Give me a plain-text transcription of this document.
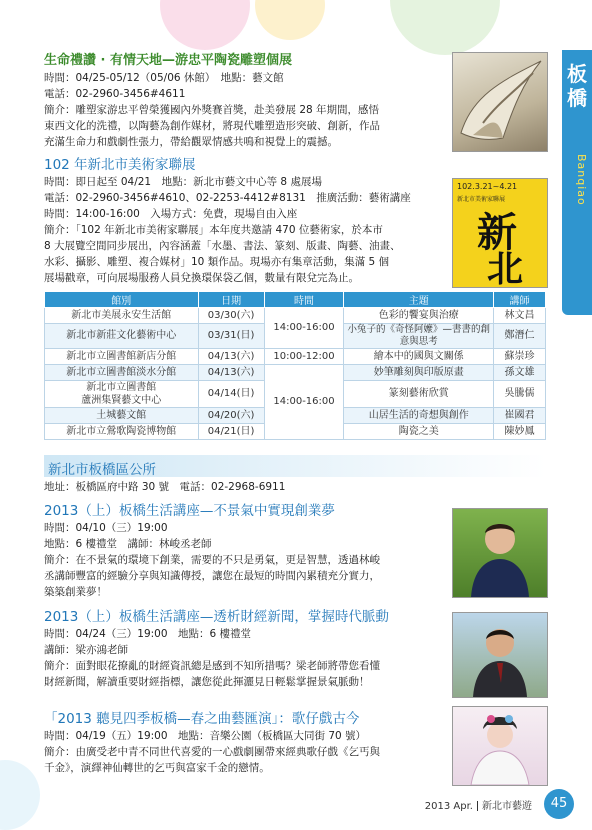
板橋
Banqiao
生命禮讚 · 有情天地—游忠平陶瓷雕塑個展
時間：04/25-05/12（05/06 休館）　地點：藝文館
電話：02-2960-3456#4611
簡介：雕塑家游忠平曾榮獲國內外獎賽首獎，赴美發展 28 年期間，感悟
東西文化的洗禮，以陶藝為創作媒材，將現代雕塑造形突破、創新，作品
充滿生命力和戲劇性張力，帶給觀眾情感共鳴和視覺上的震撼。
102 年新北市美術家聯展
時間：即日起至 04/21　地點：新北市藝文中心等 8 處展場
電話：02-2960-3456#4610、02-2253-4412#8131　推廣活動：藝術講座
時間：14:00-16:00　入場方式：免費，現場自由入座
簡介：「102 年新北市美術家聯展」本年度共邀請 470 位藝術家，於本市
8 大展覽空間同步展出，內容涵蓋「水墨、書法、篆刻、版畫、陶藝、油畫、
水彩、攝影、雕塑、複合媒材」10 類作品。現場亦有集章活動，集滿 5 個
展場戳章，可向展場服務人員兌換環保袋乙個，數量有限兌完為止。
102.3.21~4.21
新北市美術家聯展
新
北
館別	日期	時間	主題	講師
新北市美展永安生活館	03/30(六)	14:00-16:00	色彩的饗宴與治療	林文昌
新北市新莊文化藝術中心	03/31(日)		小兔子的《奇怪阿嬤》—書書的創意與思考	鄭潛仁
新北市立圖書館新店分館	04/13(六)	10:00-12:00	繪本中的國與文關係	蘇崇珍
新北市立圖書館淡水分館	04/13(六)	14:00-16:00	妙筆雕刻與印版原畫	孫文雄

新北市立圖書館
蘆洲集賢藝文中心	04/14(日)		篆刻藝術欣賞	吳騰儒
土城藝文館	04/20(六)		山居生活的奇想與創作	崔國君
新北市立鶯歌陶瓷博物館	04/21(日)		陶瓷之美	陳妙鳳
新北市板橋區公所
地址：板橋區府中路 30 號　電話：02-2968-6911
2013（上）板橋生活講座—不景氣中實現創業夢
時間：04/10（三）19:00
地點：6 樓禮堂　講師：林峻丞老師
簡介：在不景氣的環境下創業，需要的不只是勇氣，更是智慧，透過林峻
丞講師豐富的經驗分享與知識傳授，讓您在最短的時間內累積充分實力，
築築創業夢！
2013（上）板橋生活講座—透析財經新聞，掌握時代脈動
時間：04/24（三）19:00　地點：6 樓禮堂
講師：梁亦鴻老師
簡介：面對眼花撩亂的財經資訊總是感到不知所措嗎？梁老師將帶您看懂
財經新聞，解讀重要財經指標，讓您從此揮灑見日輕鬆掌握景氣脈動！
「2013 聽見四季板橋—春之曲藝匯演」：歌仔戲古今
時間：04/19（五）19:00　地點：音樂公園（板橋區大同街 70 號）
簡介：由廣受老中青不同世代喜愛的一心戲劇團帶來經典歌仔戲《乞丐與
千金》，演繹神仙轉世的乞丐與富家千金的戀情。
2013 Apr. 新北市藝遊	45
